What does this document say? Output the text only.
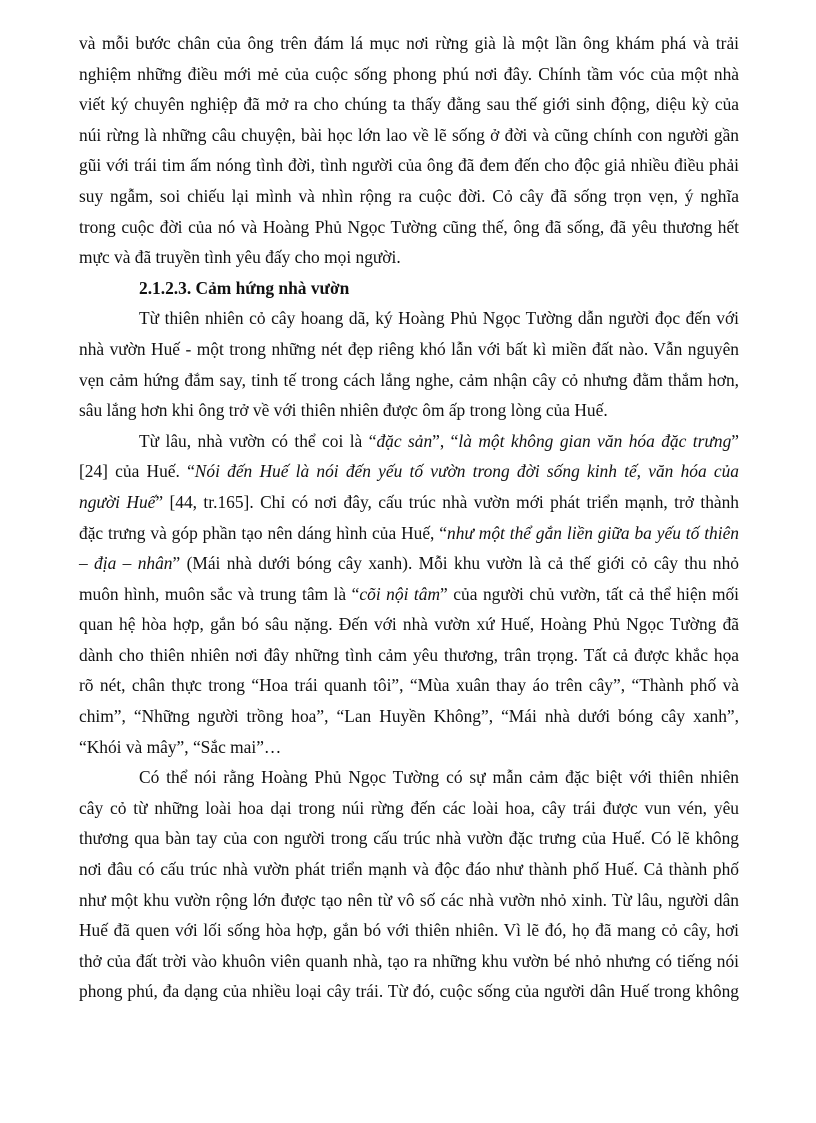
và mỗi bước chân của ông trên đám lá mục nơi rừng già là một lần ông khám phá và trải
nghiệm những điều mới mẻ của cuộc sống phong phú nơi đây. Chính tầm vóc của một nhà
viết ký chuyên nghiệp đã mở ra cho chúng ta thấy đằng sau thế giới sinh động, diệu kỳ của
núi rừng là những câu chuyện, bài học lớn lao về lẽ sống ở đời và cũng chính con người gần
gũi với trái tim ấm nóng tình đời, tình người của ông đã đem đến cho độc giả nhiều điều phải
suy ngẫm, soi chiếu lại mình và nhìn rộng ra cuộc đời. Cỏ cây đã sống trọn vẹn, ý nghĩa
trong cuộc đời của nó và Hoàng Phủ Ngọc Tường cũng thế, ông đã sống, đã yêu thương hết
mực và đã truyền tình yêu đấy cho mọi người.
2.1.2.3. Cảm hứng nhà vườn
Từ thiên nhiên cỏ cây hoang dã, ký Hoàng Phủ Ngọc Tường dẫn người đọc đến với
nhà vườn Huế - một trong những nét đẹp riêng khó lẫn với bất kì miền đất nào. Vẫn nguyên
vẹn cảm hứng đắm say, tinh tế trong cách lắng nghe, cảm nhận cây cỏ nhưng đằm thắm hơn,
sâu lắng hơn khi ông trở về với thiên nhiên được ôm ấp trong lòng của Huế.
Từ lâu, nhà vườn có thể coi là “đặc sản”, “là một không gian văn hóa đặc trưng”
[24] của Huế. “Nói đến Huế là nói đến yếu tố vườn trong đời sống kinh tế, văn hóa của
người Huế” [44, tr.165]. Chỉ có nơi đây, cấu trúc nhà vườn mới phát triển mạnh, trở thành
đặc trưng và góp phần tạo nên dáng hình của Huế, “như một thể gắn liền giữa ba yếu tố thiên
– địa – nhân” (Mái nhà dưới bóng cây xanh). Mỗi khu vườn là cả thế giới cỏ cây thu nhỏ
muôn hình, muôn sắc và trung tâm là “cõi nội tâm” của người chủ vườn, tất cả thể hiện mối
quan hệ hòa hợp, gắn bó sâu nặng. Đến với nhà vườn xứ Huế, Hoàng Phủ Ngọc Tường đã
dành cho thiên nhiên nơi đây những tình cảm yêu thương, trân trọng. Tất cả được khắc họa
rõ nét, chân thực trong “Hoa trái quanh tôi”, “Mùa xuân thay áo trên cây”, “Thành phố và
chim”, “Những người trồng hoa”, “Lan Huyền Không”, “Mái nhà dưới bóng cây xanh”,
“Khói và mây”, “Sắc mai”…
Có thể nói rằng Hoàng Phủ Ngọc Tường có sự mẫn cảm đặc biệt với thiên nhiên
cây cỏ từ những loài hoa dại trong núi rừng đến các loài hoa, cây trái được vun vén, yêu
thương qua bàn tay của con người trong cấu trúc nhà vườn đặc trưng của Huế. Có lẽ không
nơi đâu có cấu trúc nhà vườn phát triển mạnh và độc đáo như thành phố Huế. Cả thành phố
như một khu vườn rộng lớn được tạo nên từ vô số các nhà vườn nhỏ xinh. Từ lâu, người dân
Huế đã quen với lối sống hòa hợp, gắn bó với thiên nhiên. Vì lẽ đó, họ đã mang cỏ cây, hơi
thở của đất trời vào khuôn viên quanh nhà, tạo ra những khu vườn bé nhỏ nhưng có tiếng nói
phong phú, đa dạng của nhiều loại cây trái. Từ đó, cuộc sống của người dân Huế trong không
